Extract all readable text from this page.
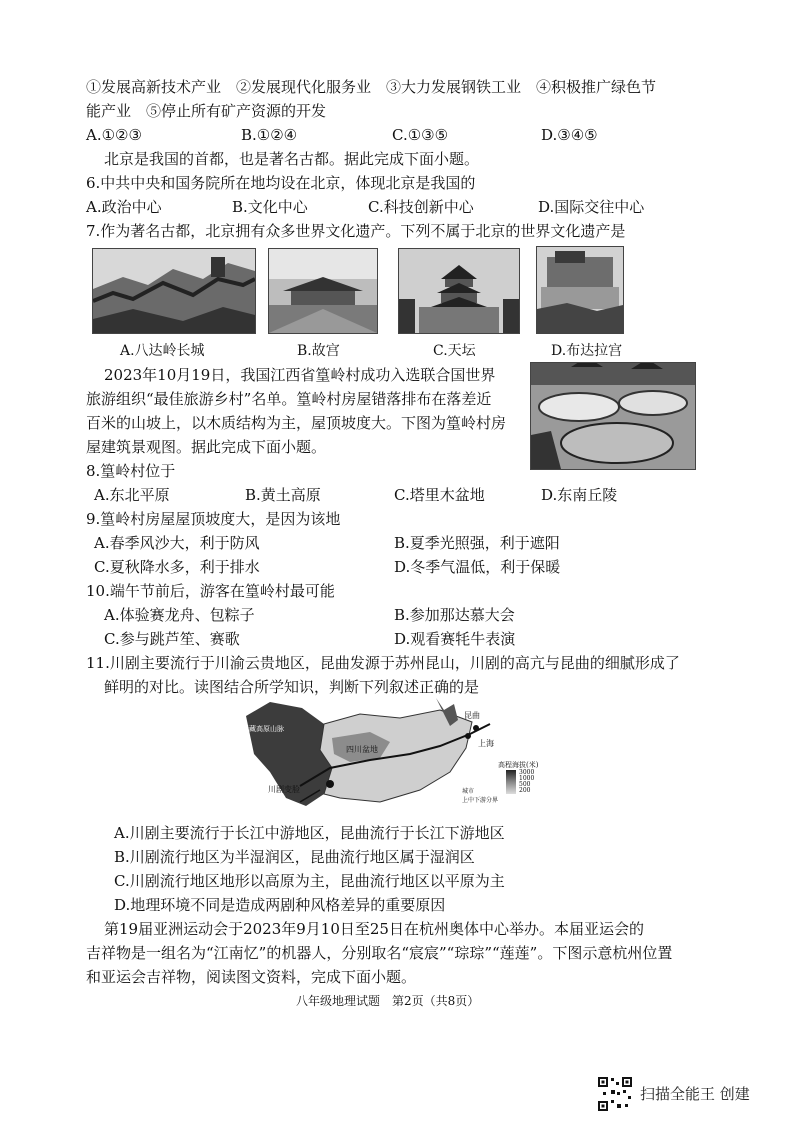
①发展高新技术产业　②发展现代化服务业　③大力发展钢铁工业　④积极推广绿色节
能产业　⑤停止所有矿产资源的开发
A.①②③	B.①②④	C.①③⑤	D.③④⑤
北京是我国的首都，也是著名古都。据此完成下面小题。
6.中共中央和国务院所在地均设在北京，体现北京是我国的
A.政治中心	B.文化中心	C.科技创新中心	D.国际交往中心
7.作为著名古都，北京拥有众多世界文化遗产。下列不属于北京的世界文化遗产是
A.八达岭长城	B.故宫	C.天坛	D.布达拉宫
2023年10月19日，我国江西省篁岭村成功入选联合国世界
旅游组织“最佳旅游乡村”名单。篁岭村房屋错落排布在落差近
百米的山坡上，以木质结构为主，屋顶坡度大。下图为篁岭村房
屋建筑景观图。据此完成下面小题。
8.篁岭村位于
A.东北平原	B.黄土高原	C.塔里木盆地	D.东南丘陵
9.篁岭村房屋屋顶坡度大，是因为该地
A.春季风沙大，利于防风	B.夏季光照强，利于遮阳
C.夏秋降水多，利于排水	D.冬季气温低，利于保暖
10.端午节前后，游客在篁岭村最可能
A.体验赛龙舟、包粽子	B.参加那达慕大会
C.参与跳芦笙、赛歌	D.观看赛牦牛表演
11.川剧主要流行于川渝云贵地区，昆曲发源于苏州昆山，川剧的高亢与昆曲的细腻形成了
鲜明的对比。读图结合所学知识，判断下列叙述正确的是
青藏高原山脉
四川盆地
川剧变脸
昆曲
上海
高程海拔(米)
3000
1000
500
200
城市
上中下游分界
A.川剧主要流行于长江中游地区，昆曲流行于长江下游地区
B.川剧流行地区为半湿润区，昆曲流行地区属于湿润区
C.川剧流行地区地形以高原为主，昆曲流行地区以平原为主
D.地理环境不同是造成两剧种风格差异的重要原因
第19届亚洲运动会于2023年9月10日至25日在杭州奥体中心举办。本届亚运会的
吉祥物是一组名为“江南忆”的机器人，分别取名“宸宸”“琮琮”“莲莲”。下图示意杭州位置
和亚运会吉祥物，阅读图文资料，完成下面小题。
八年级地理试题　第2页（共8页）
扫描全能王 创建
